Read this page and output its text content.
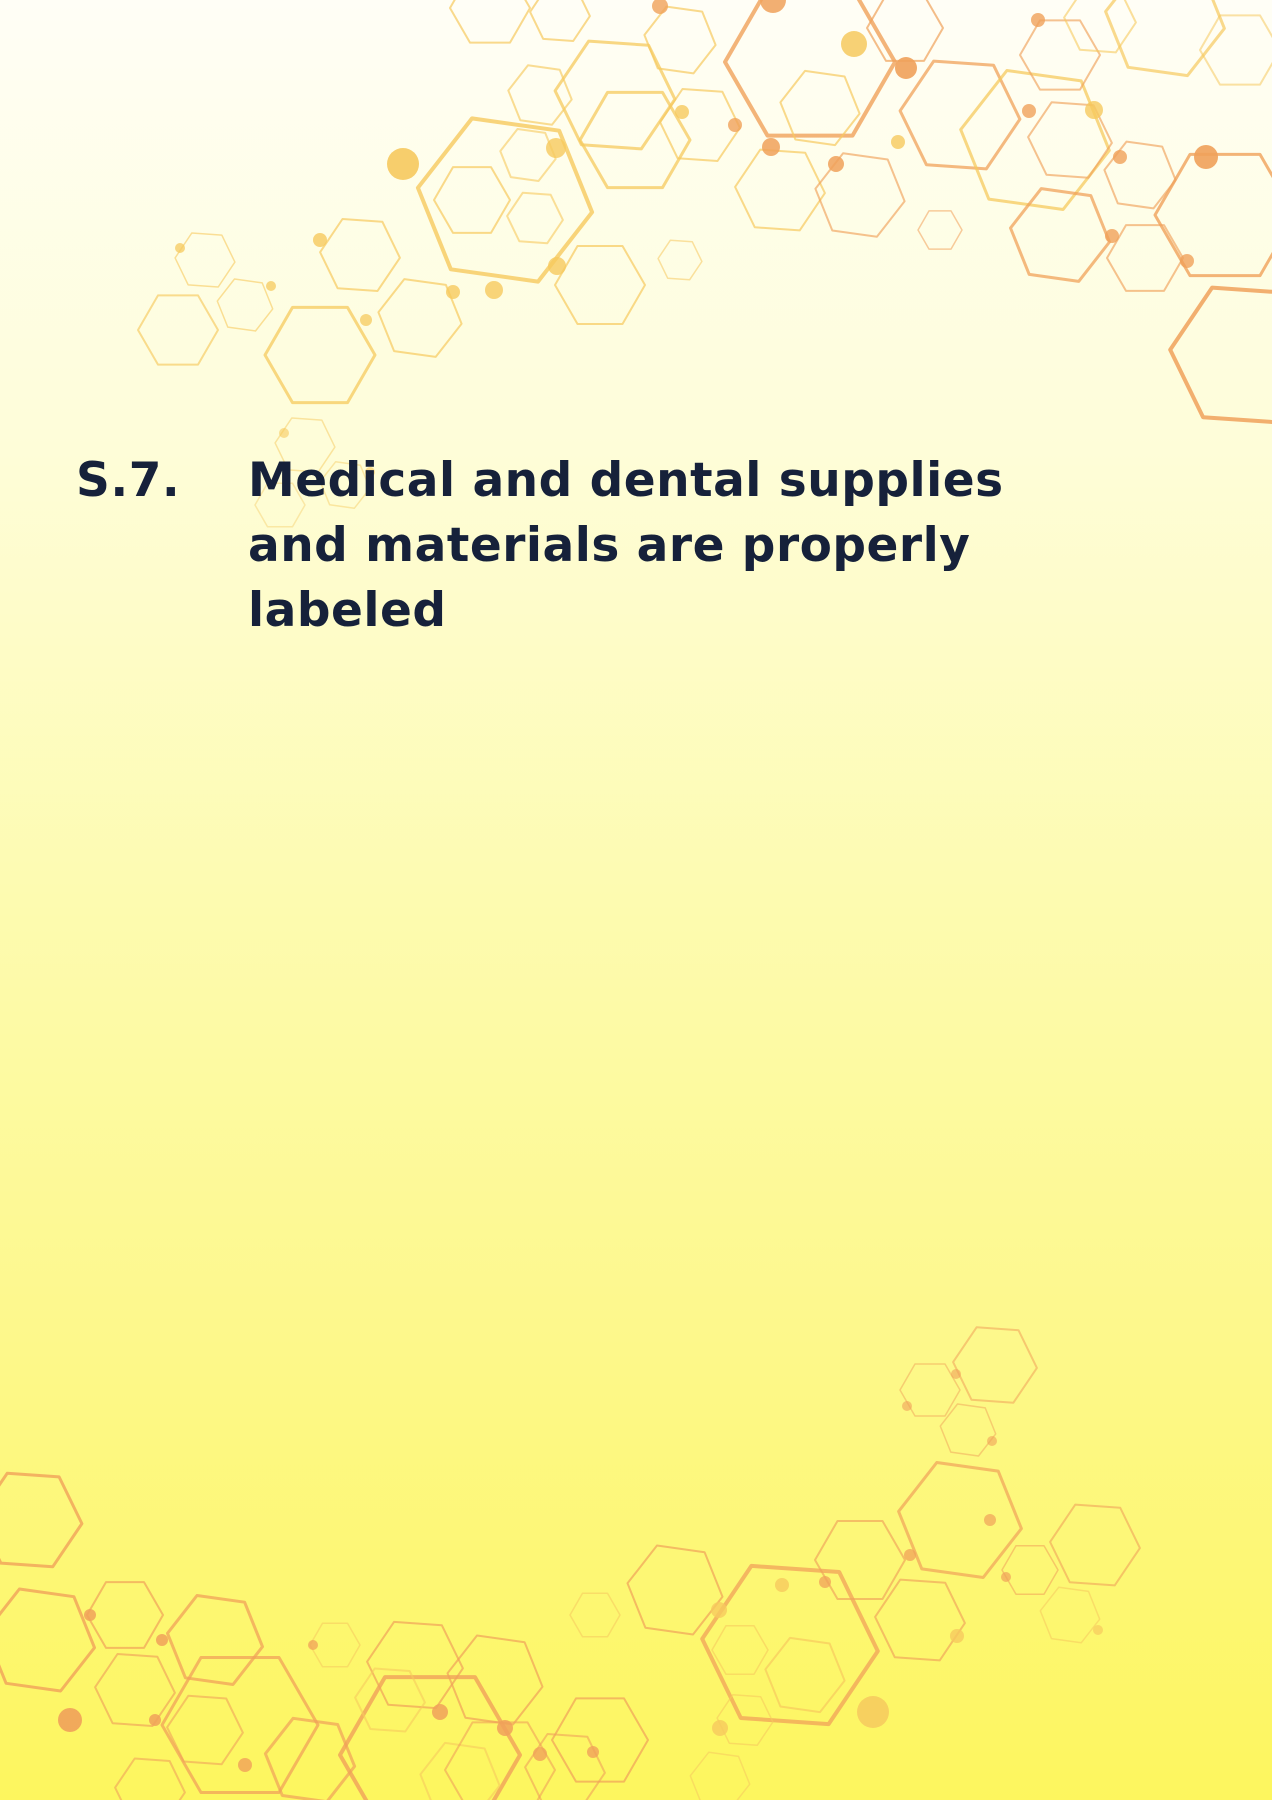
S.7.	Medical and dental supplies and materials are properly labeled
